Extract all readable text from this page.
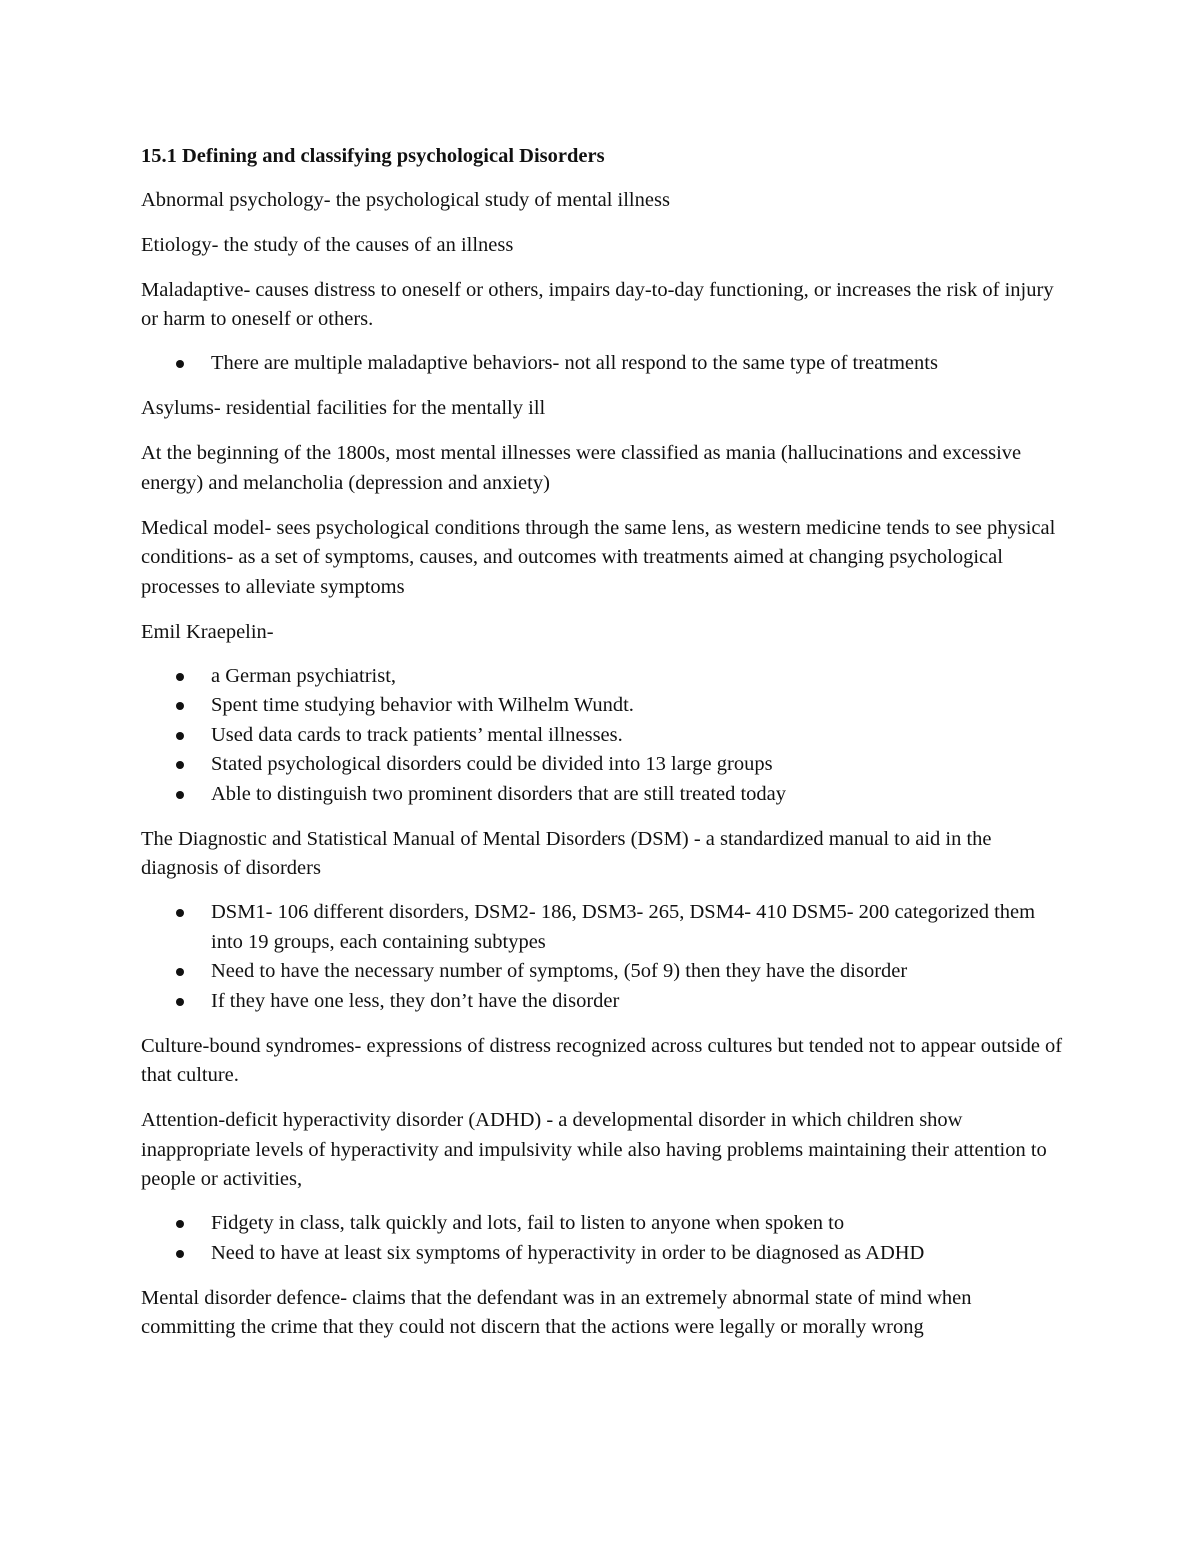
15.1 Defining and classifying psychological Disorders
Abnormal psychology- the psychological study of mental illness
Etiology- the study of the causes of an illness
Maladaptive- causes distress to oneself or others, impairs day-to-day functioning, or increases the risk of injury or harm to oneself or others.
There are multiple maladaptive behaviors- not all respond to the same type of treatments
Asylums- residential facilities for the mentally ill
At the beginning of the 1800s, most mental illnesses were classified as mania (hallucinations and excessive energy) and melancholia (depression and anxiety)
Medical model- sees psychological conditions through the same lens, as western medicine tends to see physical conditions- as a set of symptoms, causes, and outcomes with treatments aimed at changing psychological processes to alleviate symptoms
Emil Kraepelin-
a German psychiatrist,
Spent time studying behavior with Wilhelm Wundt.
Used data cards to track patients’ mental illnesses.
Stated psychological disorders could be divided into 13 large groups
Able to distinguish two prominent disorders that are still treated today
The Diagnostic and Statistical Manual of Mental Disorders (DSM) - a standardized manual to aid in the diagnosis of disorders
DSM1- 106 different disorders, DSM2- 186, DSM3- 265, DSM4- 410 DSM5- 200 categorized them into 19 groups, each containing subtypes
Need to have the necessary number of symptoms, (5of 9) then they have the disorder
If they have one less, they don’t have the disorder
Culture-bound syndromes- expressions of distress recognized across cultures but tended not to appear outside of that culture.
Attention-deficit hyperactivity disorder (ADHD) - a developmental disorder in which children show inappropriate levels of hyperactivity and impulsivity while also having problems maintaining their attention to people or activities,
Fidgety in class, talk quickly and lots, fail to listen to anyone when spoken to
Need to have at least six symptoms of hyperactivity in order to be diagnosed as ADHD
Mental disorder defence- claims that the defendant was in an extremely abnormal state of mind when committing the crime that they could not discern that the actions were legally or morally wrong
